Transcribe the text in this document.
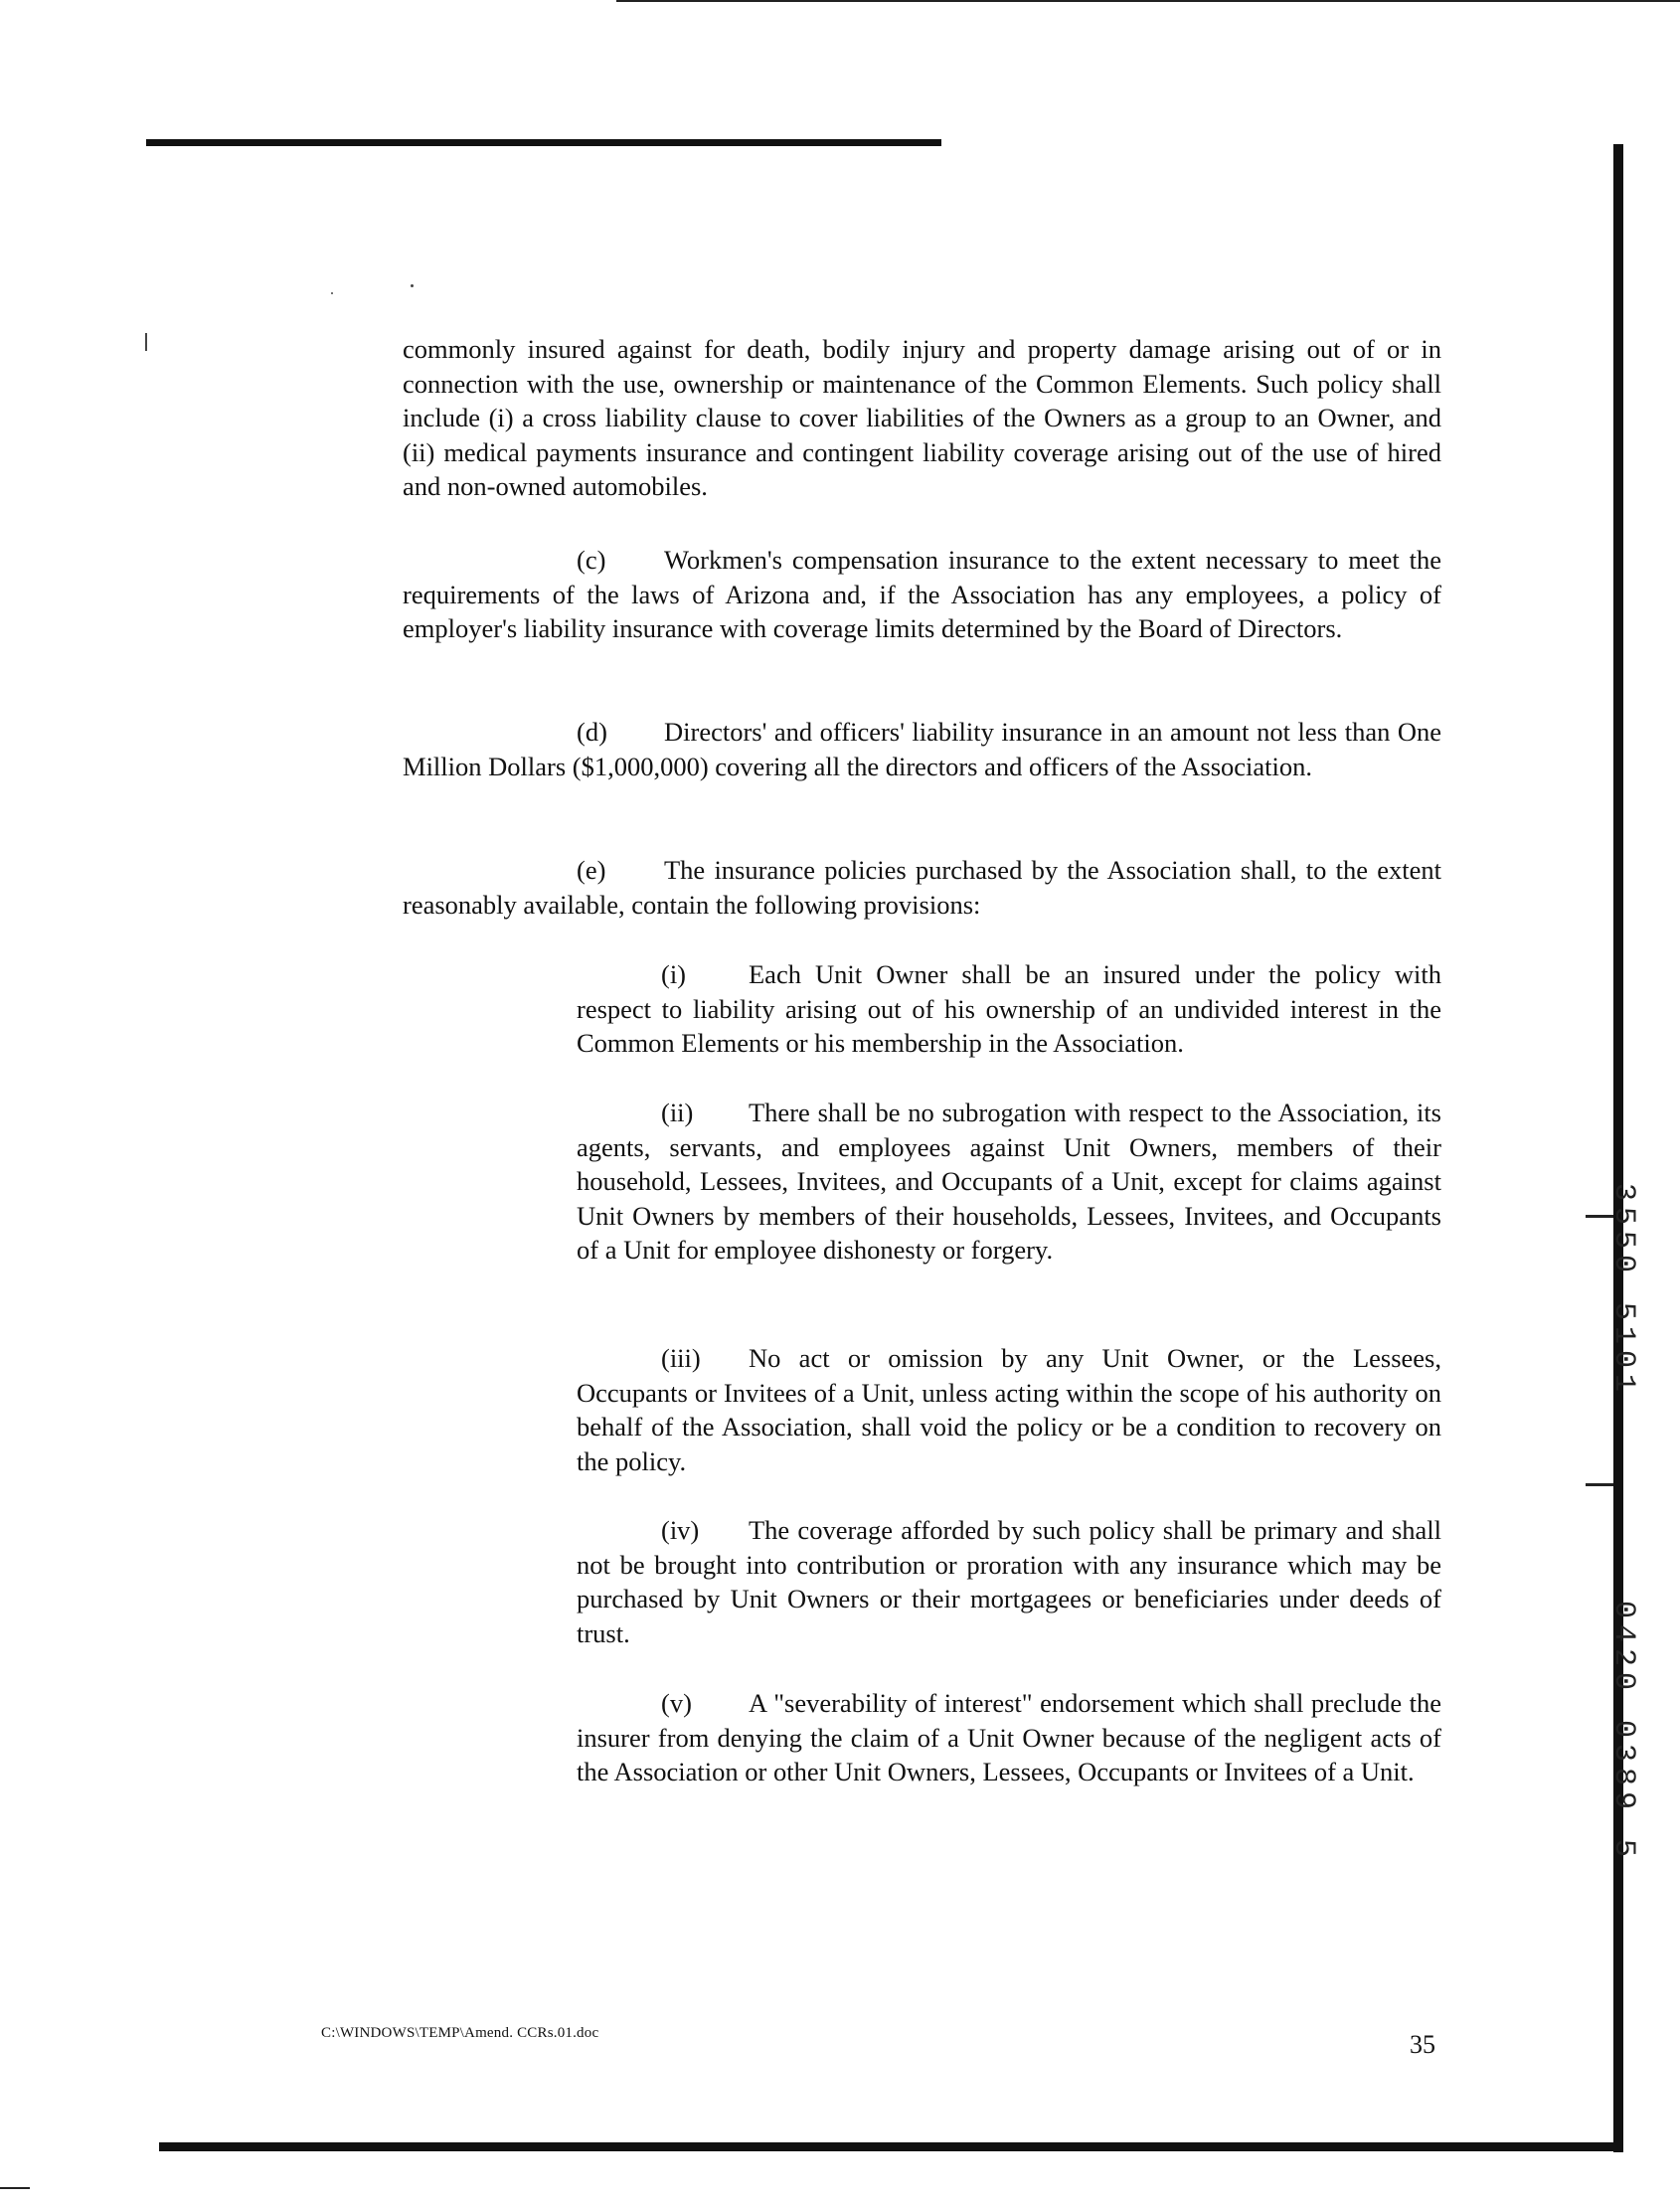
commonly insured against for death, bodily injury and property damage arising out of or in connection with the use, ownership or maintenance of the Common Elements. Such policy shall include (i) a cross liability clause to cover liabilities of the Owners as a group to an Owner, and (ii) medical payments insurance and contingent liability coverage arising out of the use of hired and non-owned automobiles.

(c) Workmen's compensation insurance to the extent necessary to meet the requirements of the laws of Arizona and, if the Association has any employees, a policy of employer's liability insurance with coverage limits determined by the Board of Directors.

(d) Directors' and officers' liability insurance in an amount not less than One Million Dollars ($1,000,000) covering all the directors and officers of the Association.

(e) The insurance policies purchased by the Association shall, to the extent reasonably available, contain the following provisions:

(i) Each Unit Owner shall be an insured under the policy with respect to liability arising out of his ownership of an undivided interest in the Common Elements or his membership in the Association.

(ii) There shall be no subrogation with respect to the Association, its agents, servants, and employees against Unit Owners, members of their household, Lessees, Invitees, and Occupants of a Unit, except for claims against Unit Owners by members of their households, Lessees, Invitees, and Occupants of a Unit for employee dishonesty or forgery.

(iii) No act or omission by any Unit Owner, or the Lessees, Occupants or Invitees of a Unit, unless acting within the scope of his authority on behalf of the Association, shall void the policy or be a condition to recovery on the policy.

(iv) The coverage afforded by such policy shall be primary and shall not be brought into contribution or proration with any insurance which may be purchased by Unit Owners or their mortgagees or beneficiaries under deeds of trust.

(v) A "severability of interest" endorsement which shall preclude the insurer from denying the claim of a Unit Owner because of the negligent acts of the Association or other Unit Owners, Lessees, Occupants or Invitees of a Unit.

C:\WINDOWS\TEMP\Amend. CCRs.01.doc	35
3550 5101
0420 0389 5
